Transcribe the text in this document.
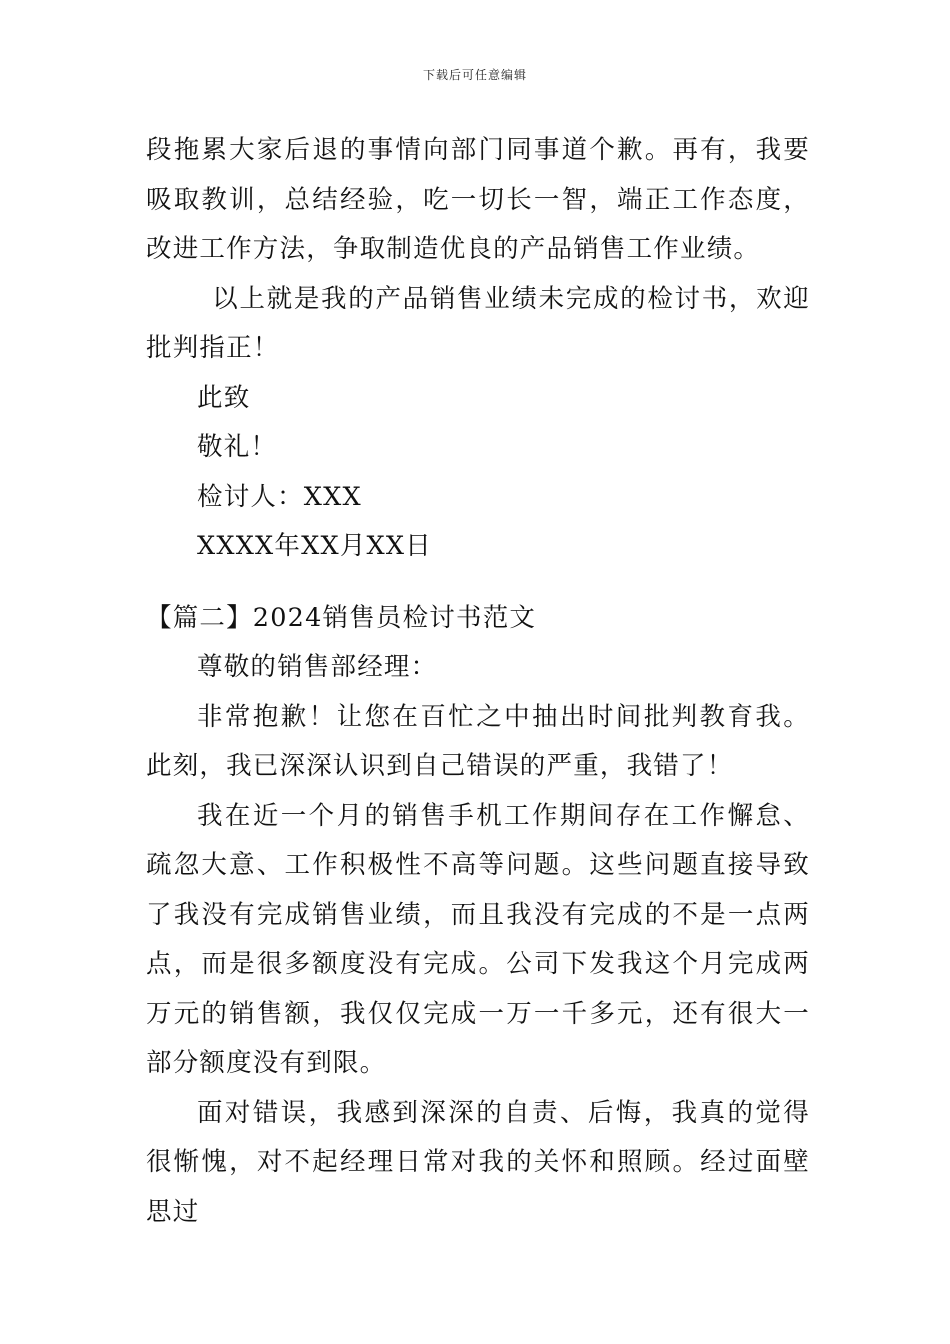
下载后可任意编辑

段拖累大家后退的事情向部门同事道个歉。再有，我要吸取教训，总结经验，吃一切长一智，端正工作态度，改进工作方法，争取制造优良的产品销售工作业绩。

以上就是我的产品销售业绩未完成的检讨书，欢迎批判指正！

此致

敬礼！

检讨人：XXX

XXXX年XX月XX日

【篇二】2024销售员检讨书范文

尊敬的销售部经理：

非常抱歉！让您在百忙之中抽出时间批判教育我。此刻，我已深深认识到自己错误的严重，我错了！

我在近一个月的销售手机工作期间存在工作懈怠、疏忽大意、工作积极性不高等问题。这些问题直接导致了我没有完成销售业绩，而且我没有完成的不是一点两点，而是很多额度没有完成。公司下发我这个月完成两万元的销售额，我仅仅完成一万一千多元，还有很大一部分额度没有到限。

面对错误，我感到深深的自责、后悔，我真的觉得很惭愧，对不起经理日常对我的关怀和照顾。经过面壁思过
